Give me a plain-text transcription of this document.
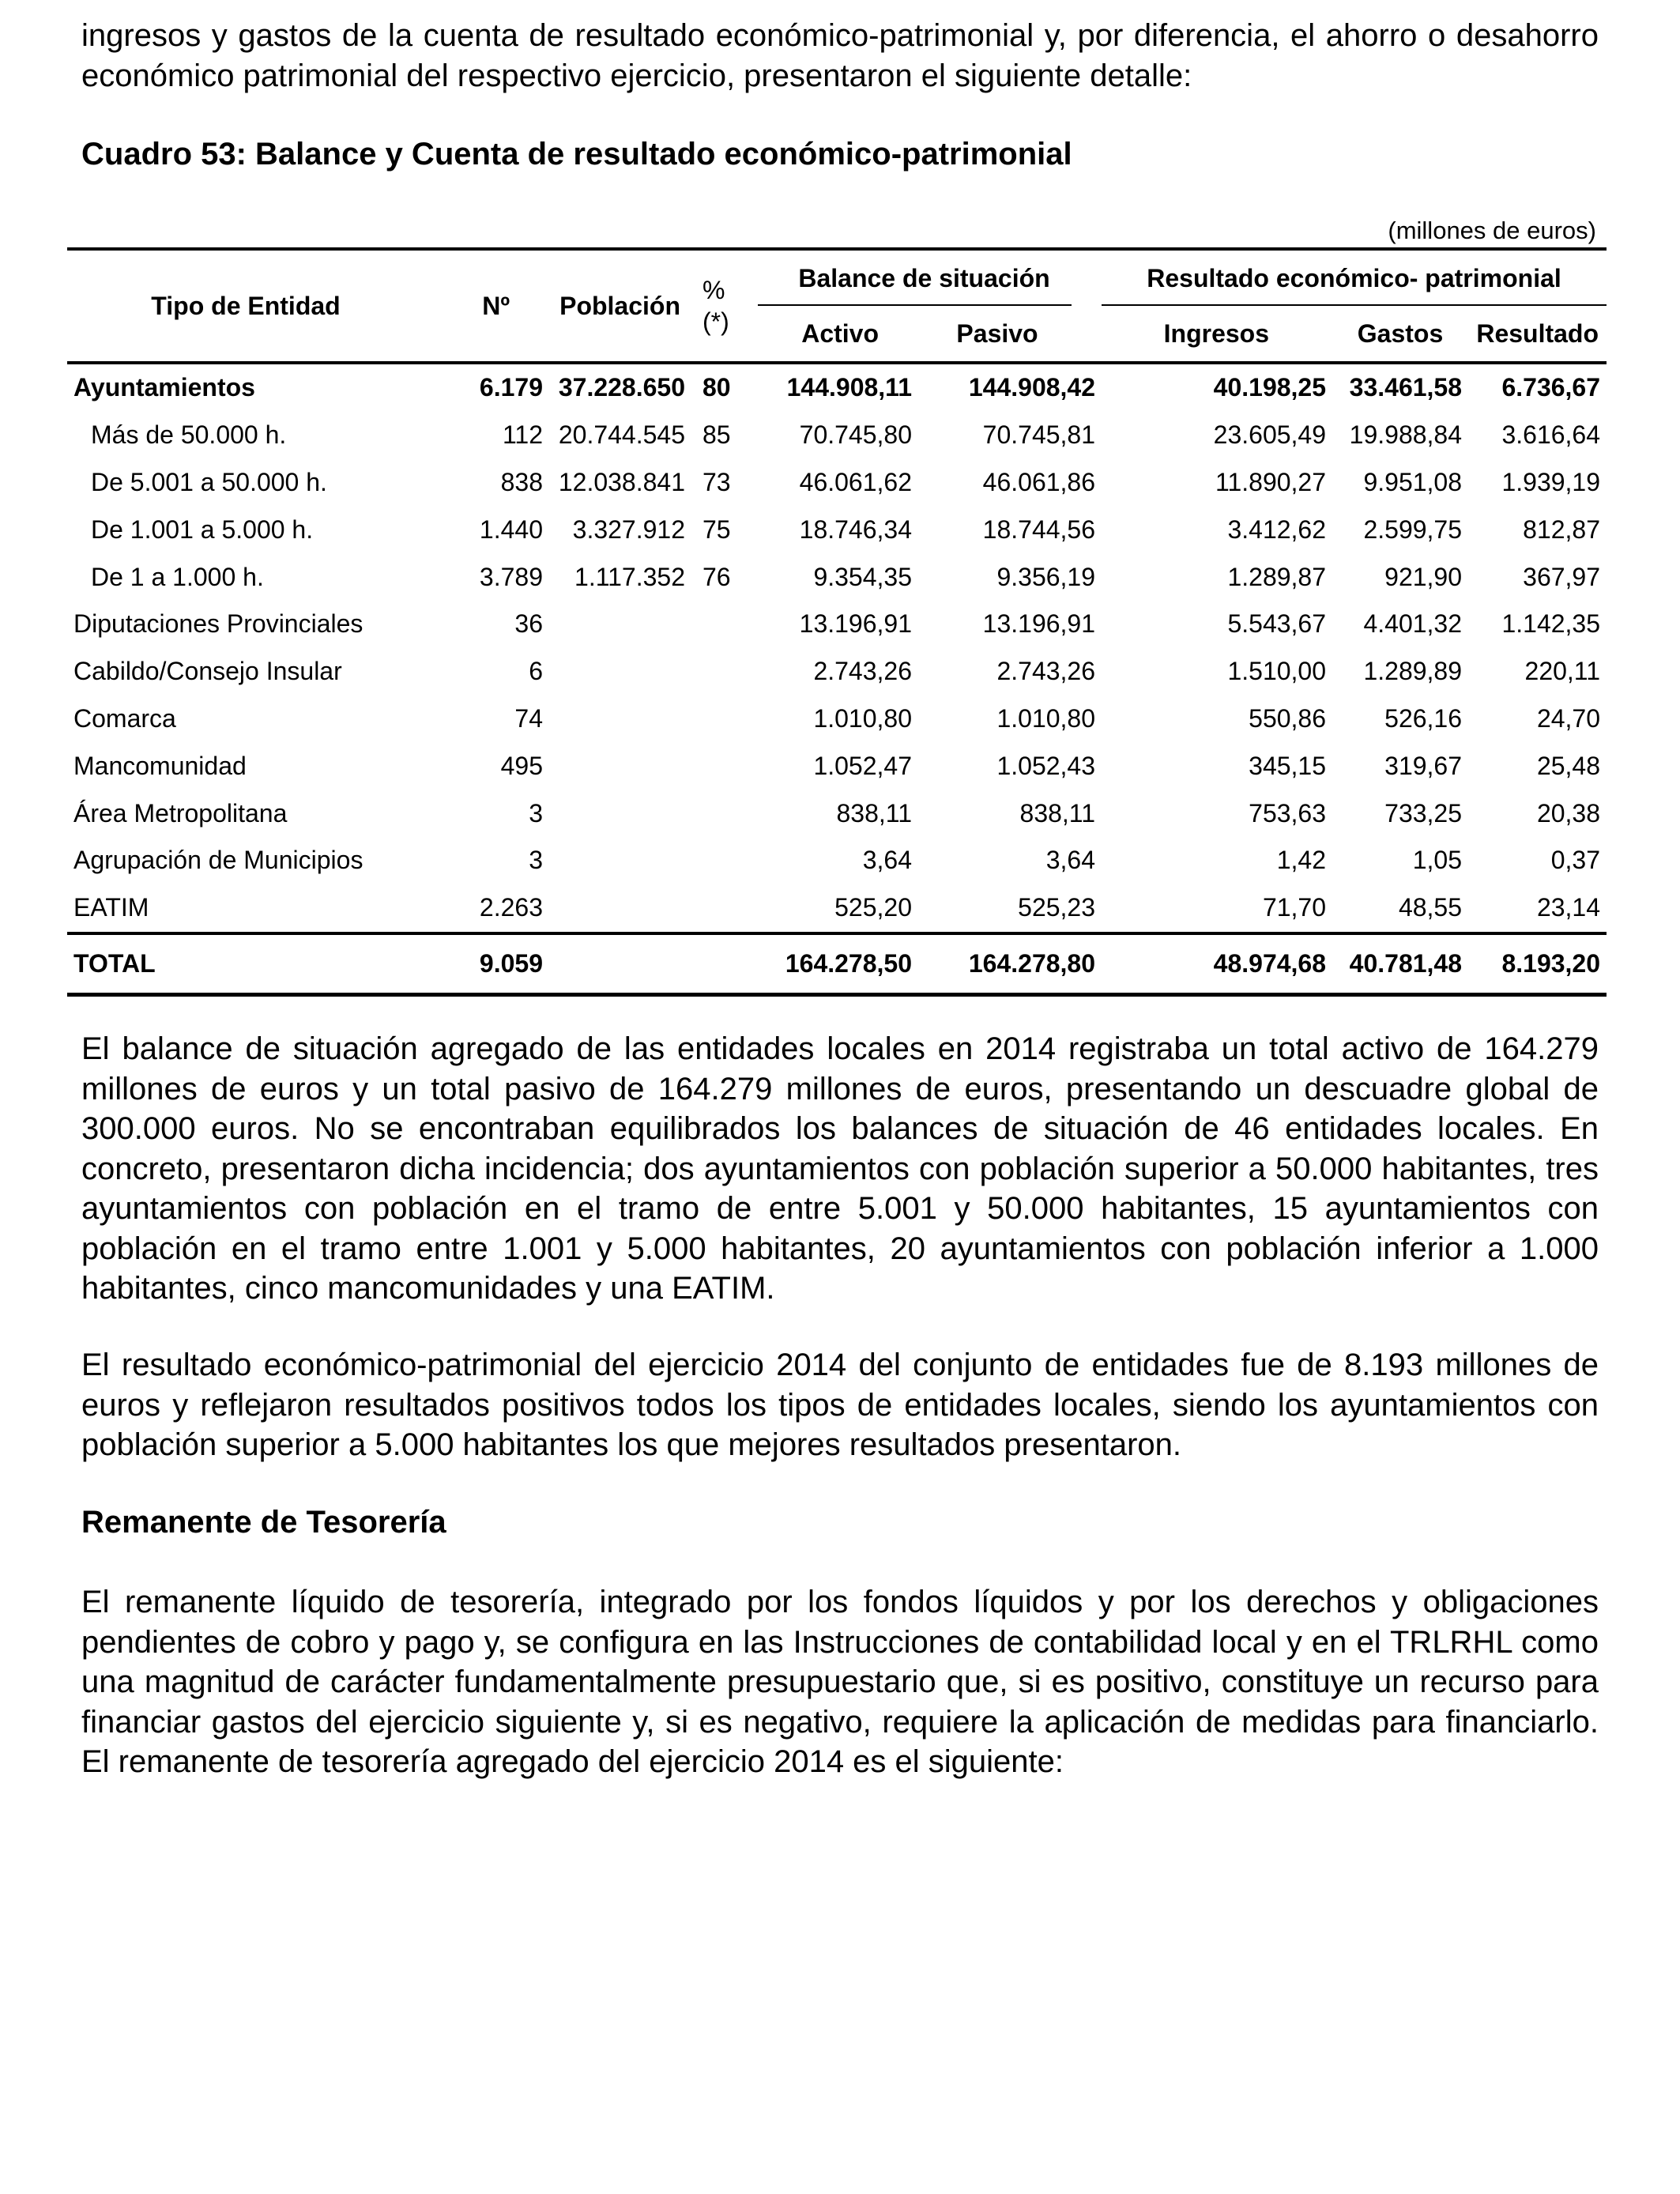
ingresos y gastos de la cuenta de resultado económico-patrimonial y, por diferencia, el ahorro o desahorro económico patrimonial del respectivo ejercicio, presentaron el siguiente detalle:

Cuadro 53: Balance y Cuenta de resultado económico-patrimonial

(millones de euros)
Tipo de Entidad	Nº	Población	%
(*)	Balance de situación		Resultado económico- patrimonial		

				Activo	Pasivo	Ingresos	Gastos	Resultado
Ayuntamientos	6.179	37.228.650	80	144.908,11	144.908,42	40.198,25	33.461,58	6.736,67
Más de 50.000 h.	112	20.744.545	85	70.745,80	70.745,81	23.605,49	19.988,84	3.616,64
De 5.001 a 50.000 h.	838	12.038.841	73	46.061,62	46.061,86	11.890,27	9.951,08	1.939,19
De 1.001 a 5.000 h.	1.440	3.327.912	75	18.746,34	18.744,56	3.412,62	2.599,75	812,87
De 1 a 1.000 h.	3.789	1.117.352	76	9.354,35	9.356,19	1.289,87	921,90	367,97
Diputaciones Provinciales	36			13.196,91	13.196,91	5.543,67	4.401,32	1.142,35
Cabildo/Consejo Insular	6			2.743,26	2.743,26	1.510,00	1.289,89	220,11
Comarca	74			1.010,80	1.010,80	550,86	526,16	24,70
Mancomunidad	495			1.052,47	1.052,43	345,15	319,67	25,48
Área Metropolitana	3			838,11	838,11	753,63	733,25	20,38
Agrupación de Municipios	3			3,64	3,64	1,42	1,05	0,37
EATIM	2.263			525,20	525,23	71,70	48,55	23,14
TOTAL	9.059			164.278,50	164.278,80	48.974,68	40.781,48	8.193,20

El balance de situación agregado de las entidades locales en 2014 registraba un total activo de 164.279 millones de euros y un total pasivo de 164.279 millones de euros, presentando un descuadre global de 300.000 euros. No se encontraban equilibrados los balances de situación de 46 entidades locales. En concreto, presentaron dicha incidencia; dos ayuntamientos con población superior a 50.000 habitantes, tres ayuntamientos con población en el tramo de entre 5.001 y 50.000 habitantes, 15 ayuntamientos con población en el tramo entre 1.001 y 5.000 habitantes, 20 ayuntamientos con población inferior a 1.000 habitantes, cinco mancomunidades y una EATIM.

El resultado económico-patrimonial del ejercicio 2014 del conjunto de entidades fue de 8.193 millones de euros y reflejaron resultados positivos todos los tipos de entidades locales, siendo los ayuntamientos con población superior a 5.000 habitantes los que mejores resultados presentaron.

Remanente de Tesorería

El remanente líquido de tesorería, integrado por los fondos líquidos y por los derechos y obligaciones pendientes de cobro y pago y, se configura en las Instrucciones de contabilidad local y en el TRLRHL como una magnitud de carácter fundamentalmente presupuestario que, si es positivo, constituye un recurso para financiar gastos del ejercicio siguiente y, si es negativo, requiere la aplicación de medidas para financiarlo. El remanente de tesorería agregado del ejercicio 2014 es el siguiente:
